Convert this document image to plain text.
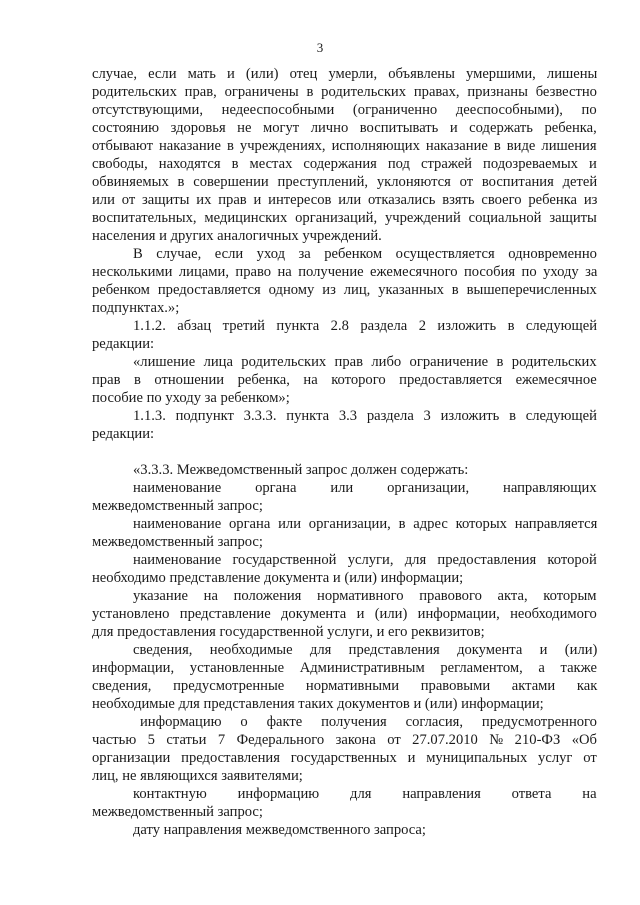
3
случае, если мать и (или) отец умерли, объявлены умершими, лишены
родительских прав, ограничены в родительских правах, признаны безвестно
отсутствующими, недееспособными (ограниченно дееспособными), по
состоянию здоровья не могут лично воспитывать и содержать ребенка,
отбывают наказание в учреждениях, исполняющих наказание в виде лишения
свободы, находятся в местах содержания под стражей подозреваемых и
обвиняемых в совершении преступлений, уклоняются от воспитания детей
или от защиты их прав и интересов или отказались взять своего ребенка из
воспитательных, медицинских организаций, учреждений социальной защиты
населения и других аналогичных учреждений.
В случае, если уход за ребенком осуществляется одновременно
несколькими лицами, право на получение ежемесячного пособия по уходу за
ребенком предоставляется одному из лиц, указанных в вышеперечисленных
подпунктах.»;
1.1.2. абзац третий пункта 2.8 раздела 2 изложить в следующей
редакции:
«лишение лица родительских прав либо ограничение в родительских
прав в отношении ребенка, на которого предоставляется ежемесячное
пособие по уходу за ребенком»;
1.1.3. подпункт 3.3.3. пункта 3.3 раздела 3 изложить в следующей
редакции:
«3.3.3. Межведомственный запрос должен содержать:
наименование органа или организации, направляющих
межведомственный запрос;
наименование органа или организации, в адрес которых направляется
межведомственный запрос;
наименование государственной услуги, для предоставления которой
необходимо представление документа и (или) информации;
указание на положения нормативного правового акта, которым
установлено представление документа и (или) информации, необходимого
для предоставления государственной услуги, и его реквизитов;
сведения, необходимые для представления документа и (или)
информации, установленные Административным регламентом, а также
сведения, предусмотренные нормативными правовыми актами как
необходимые для представления таких документов и (или) информации;
информацию о факте получения согласия, предусмотренного
частью 5 статьи 7 Федерального закона от 27.07.2010 № 210-ФЗ «Об
организации предоставления государственных и муниципальных услуг от
лиц, не являющихся заявителями;
контактную информацию для направления ответа на
межведомственный запрос;
дату направления межведомственного запроса;
